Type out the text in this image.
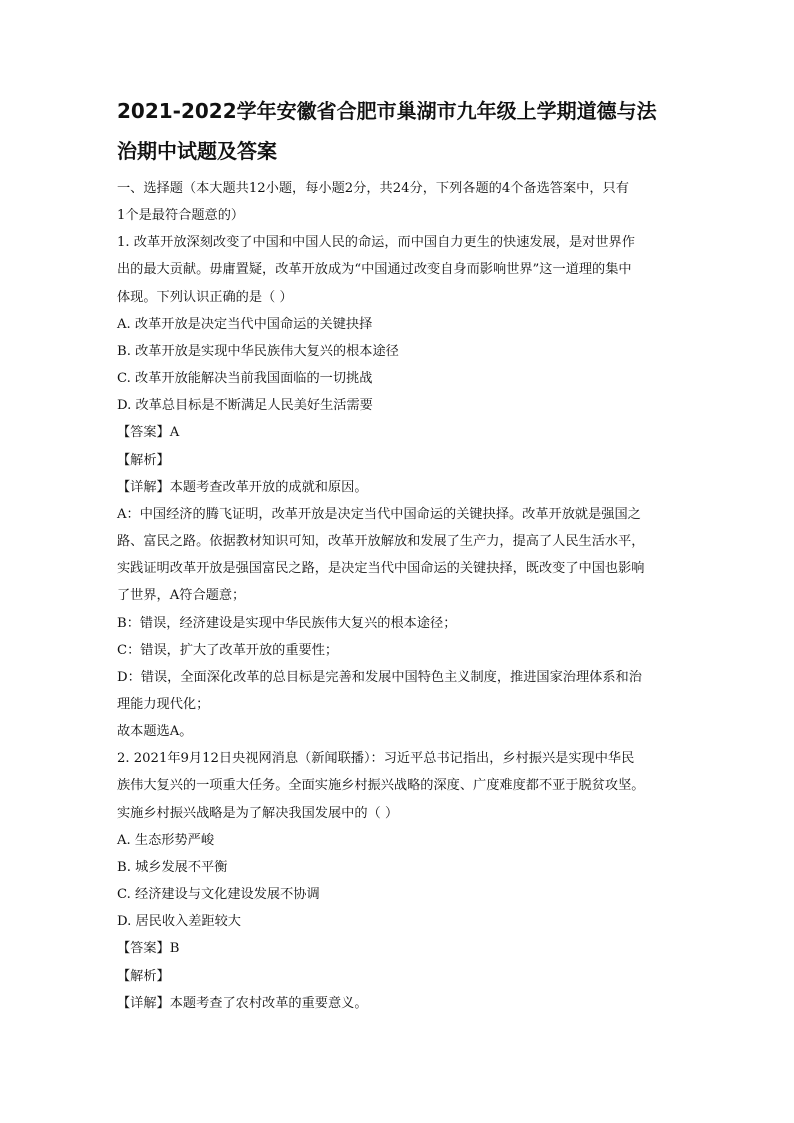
2021-2022学年安徽省合肥市巢湖市九年级上学期道德与法
治期中试题及答案

一、选择题（本大题共12小题，每小题2分，共24分，下列各题的4个备选答案中，只有

1个是最符合题意的）

1. 改革开放深刻改变了中国和中国人民的命运，而中国自力更生的快速发展，是对世界作

出的最大贡献。毋庸置疑，改革开放成为“中国通过改变自身而影响世界”这一道理的集中

体现。下列认识正确的是（ ）

A. 改革开放是决定当代中国命运的关键抉择

B. 改革开放是实现中华民族伟大复兴的根本途径

C. 改革开放能解决当前我国面临的一切挑战

D. 改革总目标是不断满足人民美好生活需要

【答案】A

【解析】

【详解】本题考查改革开放的成就和原因。

A：中国经济的腾飞证明，改革开放是决定当代中国命运的关键抉择。改革开放就是强国之

路、富民之路。依据教材知识可知，改革开放解放和发展了生产力，提高了人民生活水平，

实践证明改革开放是强国富民之路，是决定当代中国命运的关键抉择，既改变了中国也影响

了世界，A符合题意；

B：错误，经济建设是实现中华民族伟大复兴的根本途径；

C：错误，扩大了改革开放的重要性；

D：错误，全面深化改革的总目标是完善和发展中国特色主义制度，推进国家治理体系和治

理能力现代化；

故本题选A。

2. 2021年9月12日央视网消息（新闻联播）：习近平总书记指出，乡村振兴是实现中华民

族伟大复兴的一项重大任务。全面实施乡村振兴战略的深度、广度难度都不亚于脱贫攻坚。

实施乡村振兴战略是为了解决我国发展中的（ ）

A. 生态形势严峻

B. 城乡发展不平衡

C. 经济建设与文化建设发展不协调

D. 居民收入差距较大

【答案】B

【解析】

【详解】本题考查了农村改革的重要意义。
